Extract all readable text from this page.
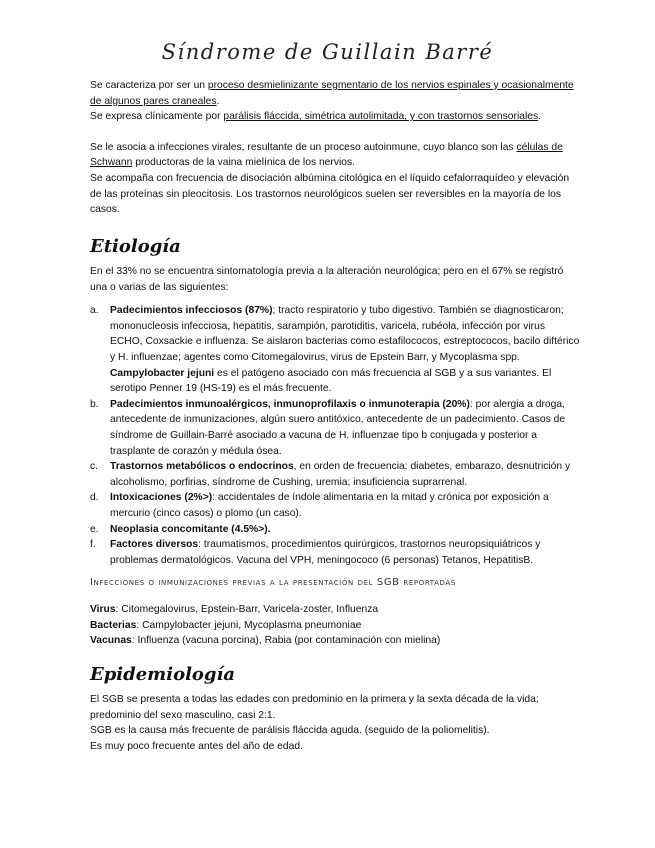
Síndrome de Guillain Barré

Se caracteriza por ser un proceso desmielinizante segmentario de los nervios espinales y ocasionalmente de algunos pares craneales.

Se expresa clínicamente por parálisis fláccida, simétrica autolimitada, y con trastornos sensoriales.

Se le asocia a infecciones virales, resultante de un proceso autoinmune, cuyo blanco son las células de Schwann productoras de la vaina mielínica de los nervios.

Se acompaña con frecuencia de disociación albúmina citológica en el líquido cefalorraquídeo y elevación de las proteínas sin pleocitosis. Los trastornos neurológicos suelen ser reversibles en la mayoría de los casos.

Etiología

En el 33% no se encuentra sintomatología previa a la alteración neurológica; pero en el 67% se registró una o varias de las siguientes:

a. Padecimientos infecciosos (87%); tracto respiratorio y tubo digestivo. También se diagnosticaron; mononucleosis infecciosa, hepatitis, sarampión, parotiditis, varicela, rubéola, infección por virus ECHO, Coxsackie e influenza. Se aislaron bacterias como estafilococos, estreptococos, bacilo diftérico y H. influenzae; agentes como Citomegalovirus, virus de Epstein Barr, y Mycoplasma spp. Campylobacter jejuni es el patógeno asociado con más frecuencia al SGB y a sus variantes. El serotipo Penner 19 (HS-19) es el más frecuente.
b. Padecimientos inmunoalérgicos, inmunoprofilaxis o inmunoterapia (20%): por alergia a droga, antecedente de inmunizaciones, algún suero antitóxico, antecedente de un padecimiento. Casos de síndrome de Guillain-Barré asociado a vacuna de H. influenzae tipo b conjugada y posterior a trasplante de corazón y médula ósea.
c. Trastornos metabólicos o endocrinos, en orden de frecuencia: diabetes, embarazo, desnutrición y alcoholismo, porfirias, síndrome de Cushing, uremia; insuficiencia suprarrenal.
d. Intoxicaciones (2%>): accidentales de índole alimentaria en la mitad y crónica por exposición a mercurio (cinco casos) o plomo (un caso).
e. Neoplasia concomitante (4.5%>).
f. Factores diversos: traumatismos, procedimientos quirúrgicos, trastornos neuropsiquiátricos y problemas dermatológicos. Vacuna del VPH, meningococo (6 personas) Tetanos, HepatitisB.
Infecciones o inmunizaciones previas a la presentación del SGB reportadas

Virus: Citomegalovirus, Epstein-Barr, Varicela-zoster, Influenza

Bacterias: Campylobacter jejuni, Mycoplasma pneumoniae

Vacunas: Influenza (vacuna porcina), Rabia (por contaminación con mielina)

Epidemiología

El SGB se presenta a todas las edades con predominio en la primera y la sexta década de la vida; predominio del sexo masculino, casi 2:1.

SGB es la causa más frecuente de parálisis fláccida aguda. (seguido de la poliomelitis).

Es muy poco frecuente antes del año de edad.
